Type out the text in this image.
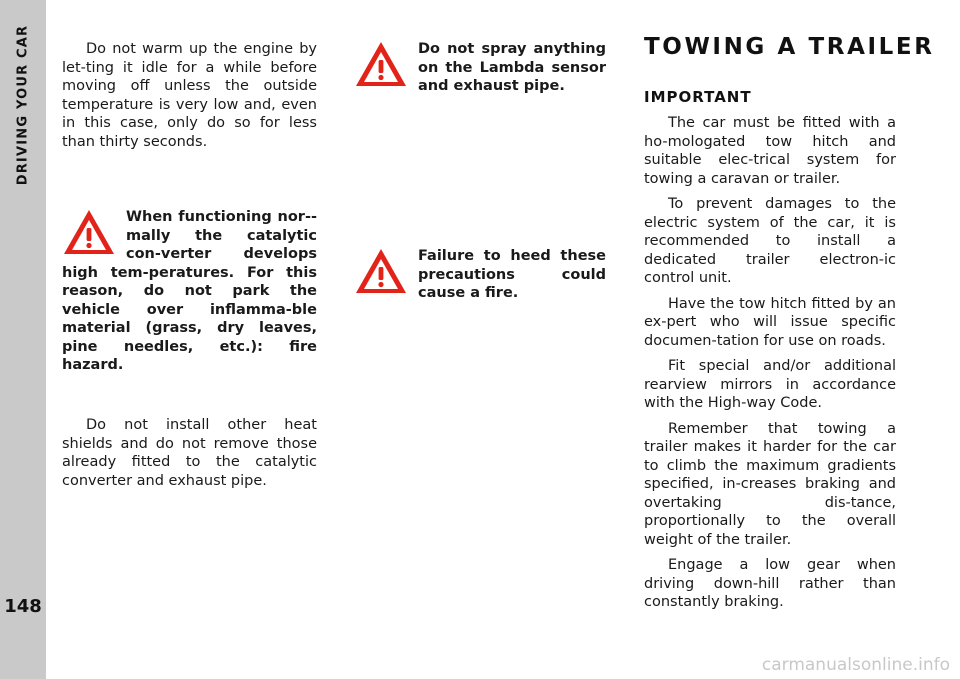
DRIVING YOUR CAR
148

Do not warm up the engine by let-ting it idle for a while before moving off unless the outside temperature is very low and, even in this case, only do so for less than thirty seconds.

When functioning nor-mally the catalytic con-verter develops high tem-peratures. For this reason, do not park the vehicle over inflamma-ble material (grass, dry leaves, pine needles, etc.): fire hazard.

Do not install other heat shields and do not remove those already fitted to the catalytic converter and exhaust pipe.

Do not spray anything on the Lambda sensor and exhaust pipe.

Failure to heed these precautions could cause a fire.

TOWING A TRAILER
IMPORTANT

The car must be fitted with a ho-mologated tow hitch and suitable elec-trical system for towing a caravan or trailer.

To prevent damages to the electric system of the car, it is recommended to install a dedicated trailer electron-ic control unit.

Have the tow hitch fitted by an ex-pert who will issue specific documen-tation for use on roads.

Fit special and/or additional rearview mirrors in accordance with the High-way Code.

Remember that towing a trailer makes it harder for the car to climb the maximum gradients specified, in-creases braking and overtaking dis-tance, proportionally to the overall weight of the trailer.

Engage a low gear when driving down-hill rather than constantly braking.

carmanualsonline.info
